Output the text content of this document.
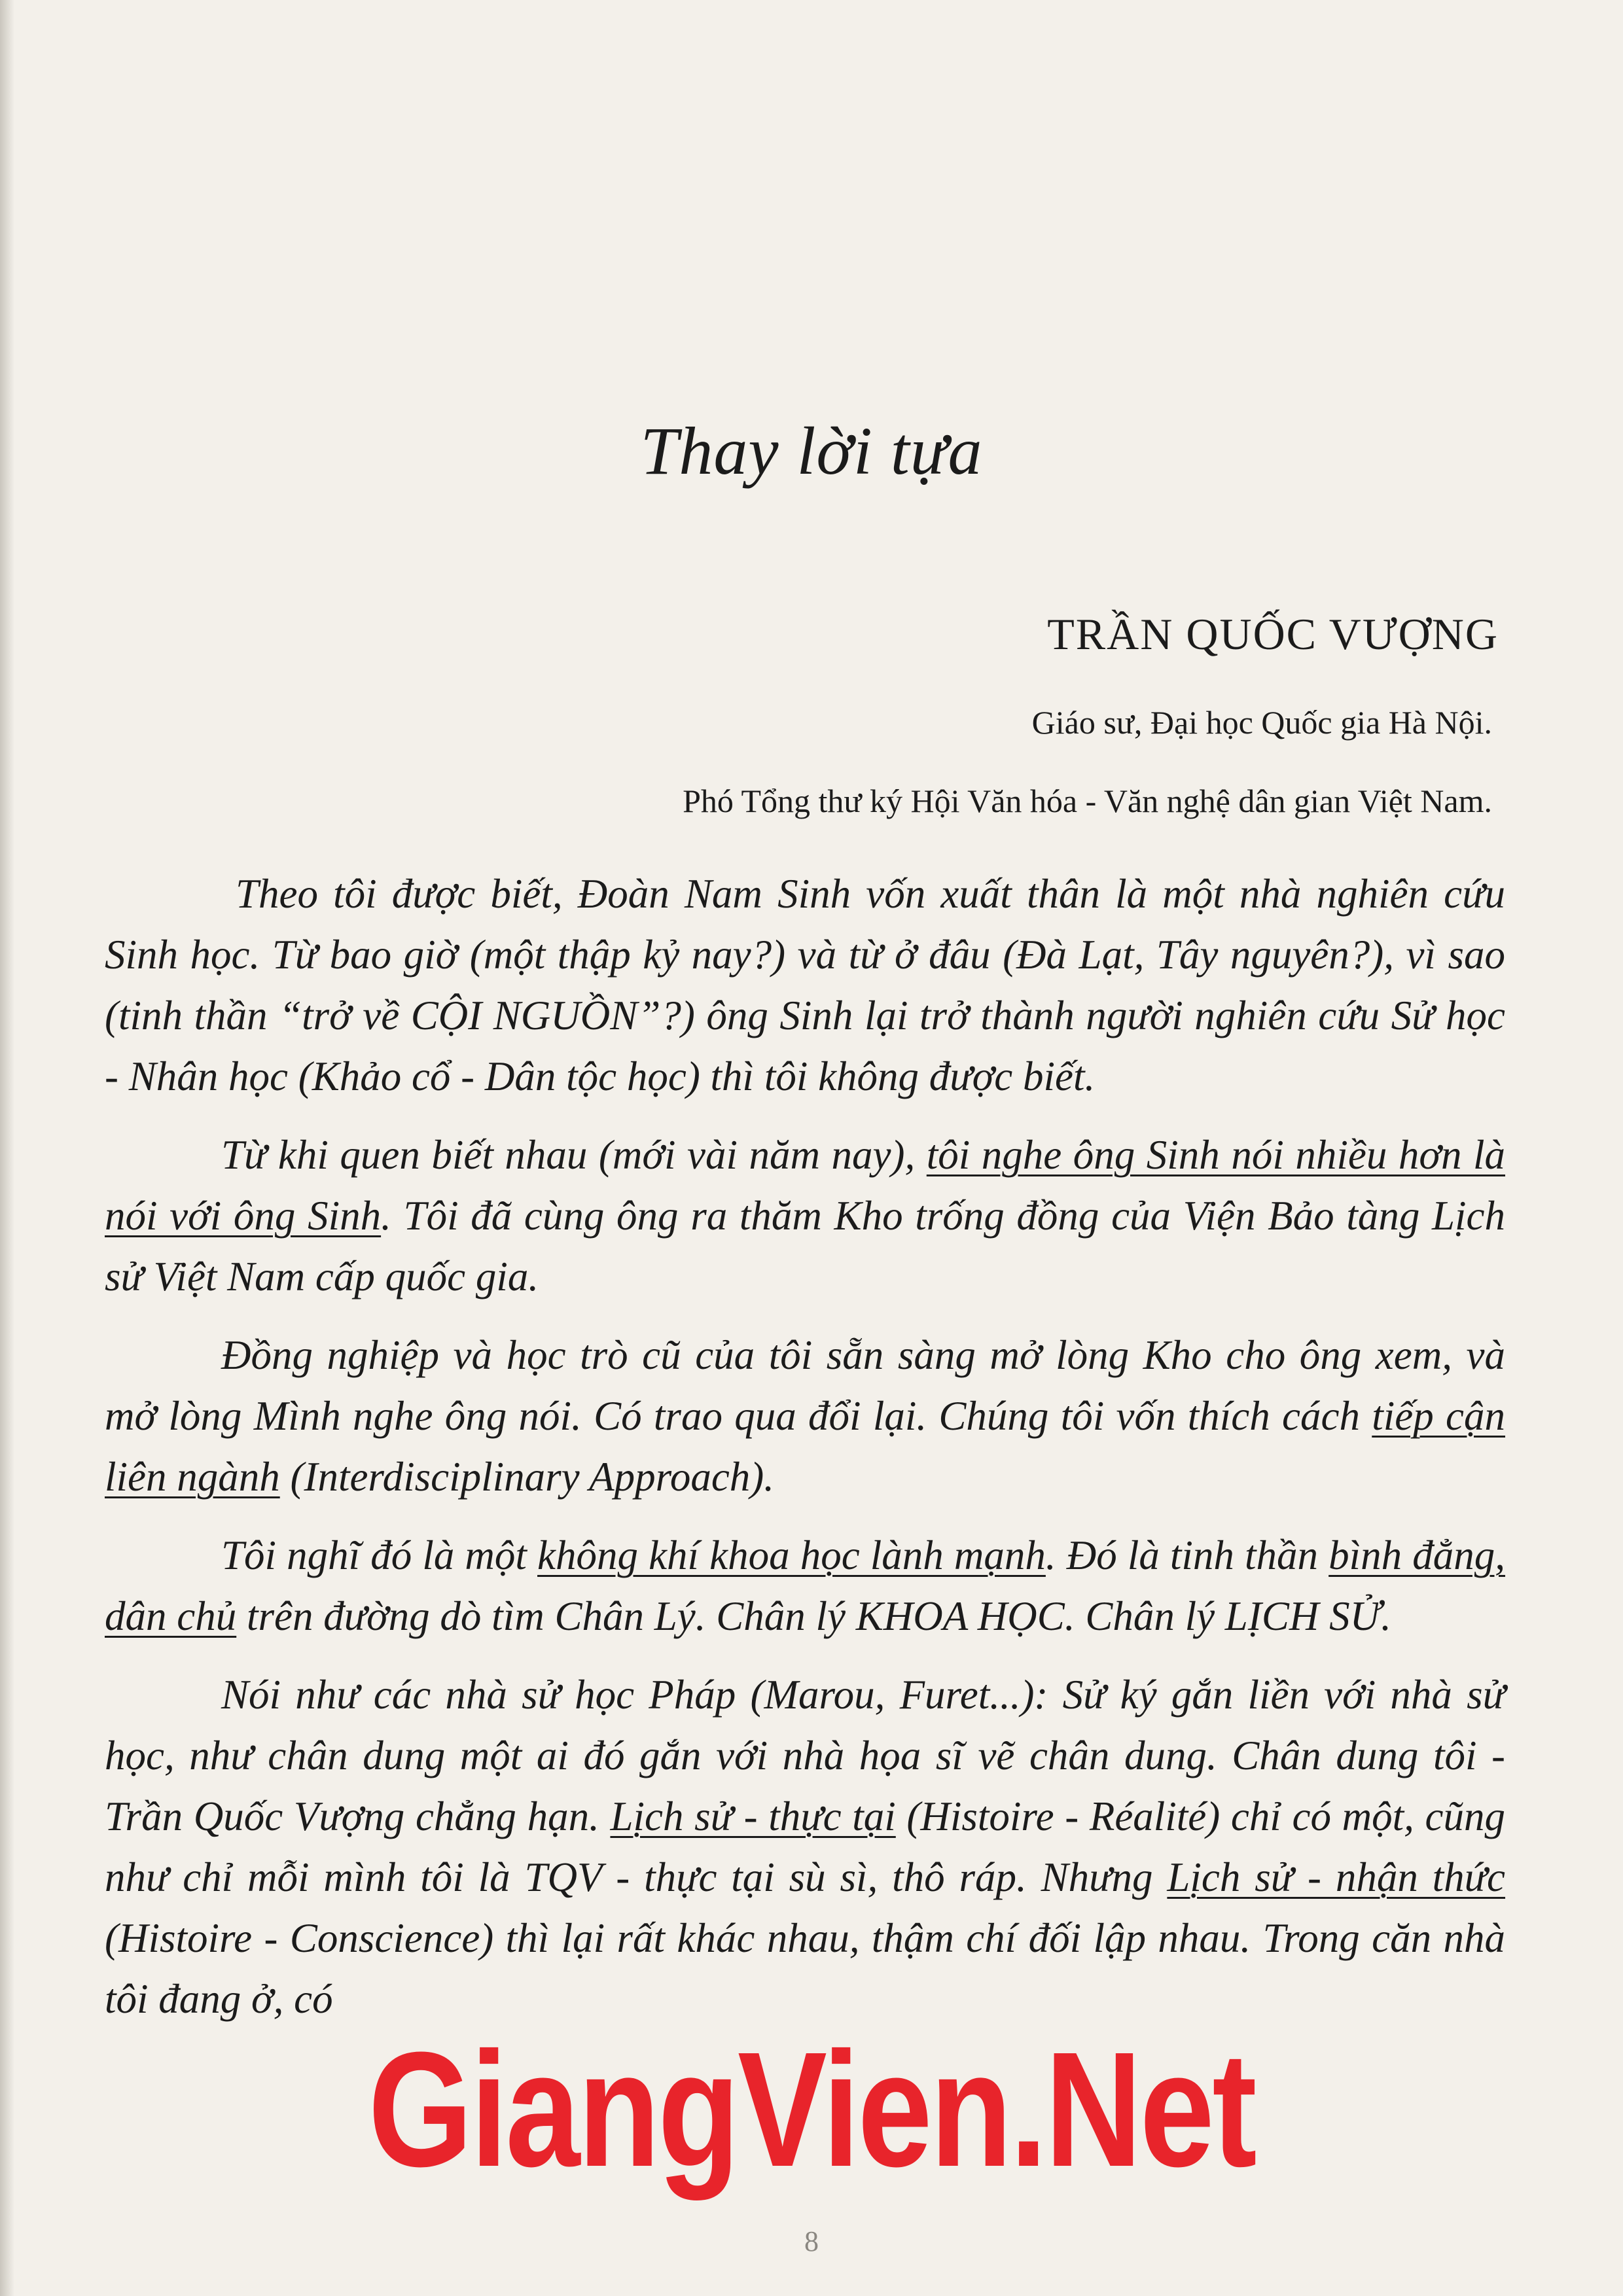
Thay lời tựa
TRẦN QUỐC VƯỢNG
Giáo sư, Đại học Quốc gia Hà Nội.
Phó Tổng thư ký Hội Văn hóa - Văn nghệ dân gian Việt Nam.

Theo tôi được biết, Đoàn Nam Sinh vốn xuất thân là một nhà nghiên cứu Sinh học. Từ bao giờ (một thập kỷ nay?) và từ ở đâu (Đà Lạt, Tây nguyên?), vì sao (tinh thần “trở về CỘI NGUỒN”?) ông Sinh lại trở thành người nghiên cứu Sử học - Nhân học (Khảo cổ - Dân tộc học) thì tôi không được biết.

Từ khi quen biết nhau (mới vài năm nay), tôi nghe ông Sinh nói nhiều hơn là nói với ông Sinh. Tôi đã cùng ông ra thăm Kho trống đồng của Viện Bảo tàng Lịch sử Việt Nam cấp quốc gia.

Đồng nghiệp và học trò cũ của tôi sẵn sàng mở lòng Kho cho ông xem, và mở lòng Mình nghe ông nói. Có trao qua đổi lại. Chúng tôi vốn thích cách tiếp cận liên ngành (Interdisciplinary Approach).

Tôi nghĩ đó là một không khí khoa học lành mạnh. Đó là tinh thần bình đẳng, dân chủ trên đường dò tìm Chân Lý. Chân lý KHOA HỌC. Chân lý LỊCH SỬ.

Nói như các nhà sử học Pháp (Marou, Furet...): Sử ký gắn liền với nhà sử học, như chân dung một ai đó gắn với nhà họa sĩ vẽ chân dung. Chân dung tôi - Trần Quốc Vượng chẳng hạn. Lịch sử - thực tại (Histoire - Réalité) chỉ có một, cũng như chỉ mỗi mình tôi là TQV - thực tại sù sì, thô ráp. Nhưng Lịch sử - nhận thức (Histoire - Conscience) thì lại rất khác nhau, thậm chí đối lập nhau. Trong căn nhà tôi đang ở, có

GiangVien.Net
8
